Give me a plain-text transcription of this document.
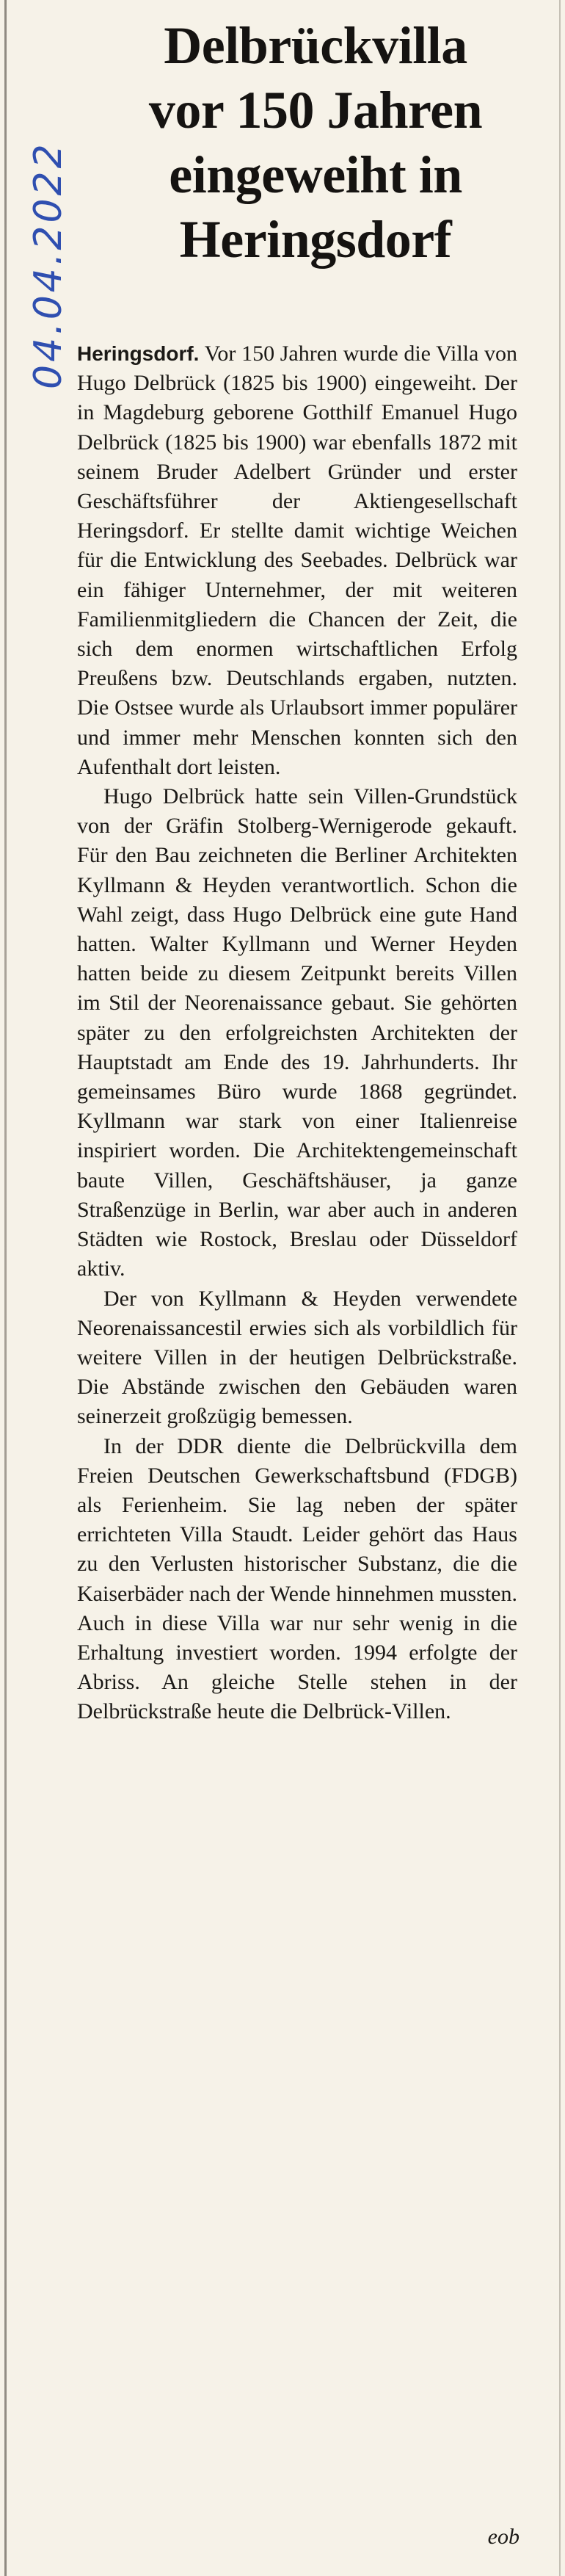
04.04.2022
Delbrückvilla
vor 150 Jahren
eingeweiht in
Heringsdorf

Heringsdorf. Vor 150 Jahren wurde die Villa von Hugo Delbrück (1825 bis 1900) eingeweiht. Der in Magdeburg geborene Gotthilf Emanuel Hugo Delbrück (1825 bis 1900) war ebenfalls 1872 mit seinem Bruder Adelbert Gründer und erster Geschäftsführer der Aktiengesellschaft Heringsdorf. Er stellte damit wichtige Weichen für die Entwicklung des Seebades. Delbrück war ein fähiger Unternehmer, der mit weiteren Familienmitgliedern die Chancen der Zeit, die sich dem enormen wirtschaftlichen Erfolg Preußens bzw. Deutschlands ergaben, nutzten. Die Ostsee wurde als Urlaubsort immer populärer und immer mehr Menschen konnten sich den Aufenthalt dort leisten.

Hugo Delbrück hatte sein Villen-Grundstück von der Gräfin Stolberg-Wernigerode gekauft. Für den Bau zeichneten die Berliner Architekten Kyllmann & Heyden verantwortlich. Schon die Wahl zeigt, dass Hugo Delbrück eine gute Hand hatten. Walter Kyllmann und Werner Heyden hatten beide zu diesem Zeitpunkt bereits Villen im Stil der Neorenaissance gebaut. Sie gehörten später zu den erfolgreichsten Architekten der Hauptstadt am Ende des 19. Jahrhunderts. Ihr gemeinsames Büro wurde 1868 gegründet. Kyllmann war stark von einer Italienreise inspiriert worden. Die Architektengemeinschaft baute Villen, Geschäftshäuser, ja ganze Straßenzüge in Berlin, war aber auch in anderen Städten wie Rostock, Breslau oder Düsseldorf aktiv.

Der von Kyllmann & Heyden verwendete Neorenaissancestil erwies sich als vorbildlich für weitere Villen in der heutigen Delbrückstraße. Die Abstände zwischen den Gebäuden waren seinerzeit großzügig bemessen.

In der DDR diente die Delbrückvilla dem Freien Deutschen Gewerkschaftsbund (FDGB) als Ferienheim. Sie lag neben der später errichteten Villa Staudt. Leider gehört das Haus zu den Verlusten historischer Substanz, die die Kaiserbäder nach der Wende hinnehmen mussten. Auch in diese Villa war nur sehr wenig in die Erhaltung investiert worden. 1994 erfolgte der Abriss. An gleiche Stelle stehen in der Delbrückstraße heute die Delbrück-Villen.

eob
